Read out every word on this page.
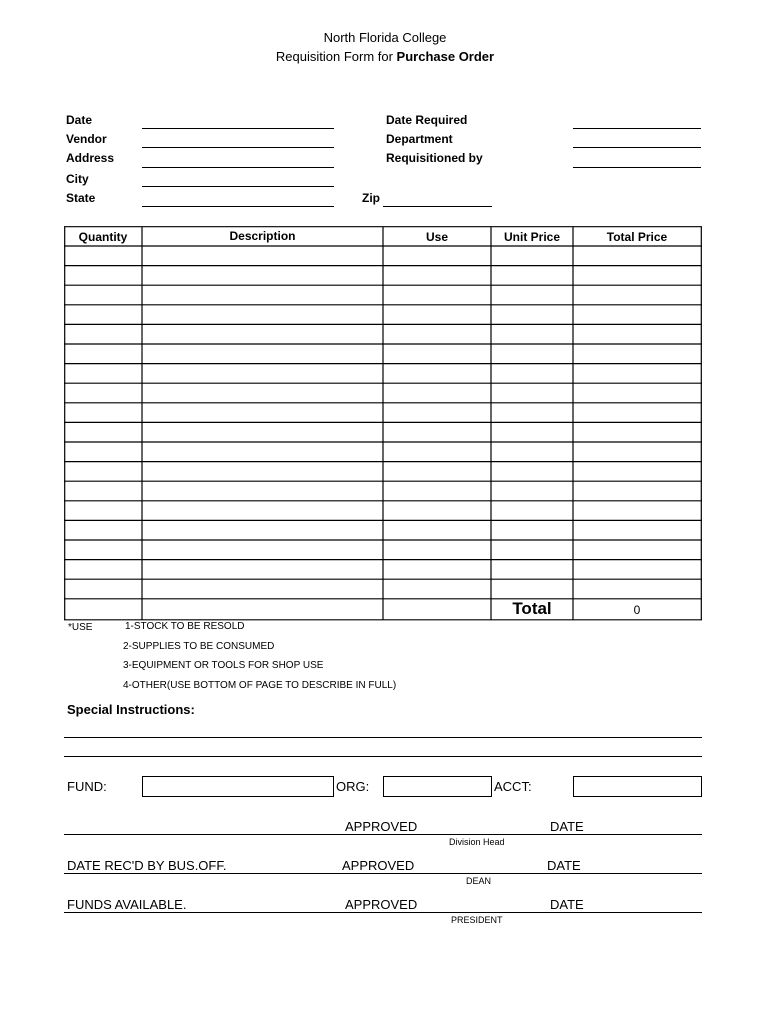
North Florida College
Requisition Form for Purchase Order
Date
Vendor
Address
City
State
Date Required
Department
Requisitioned by
Zip
Quantity	Description	Use	Unit Price	Total Price
Total	0
*USE	1-STOCK TO BE RESOLD
2-SUPPLIES TO BE CONSUMED
3-EQUIPMENT OR TOOLS FOR SHOP USE
4-OTHER(USE BOTTOM OF PAGE TO DESCRIBE IN FULL)
Special Instructions:
FUND:	ORG:	ACCT:
APPROVED	DATE
Division Head
DATE REC'D BY BUS.OFF.	APPROVED	DATE
DEAN
FUNDS AVAILABLE.	APPROVED	DATE
PRESIDENT
